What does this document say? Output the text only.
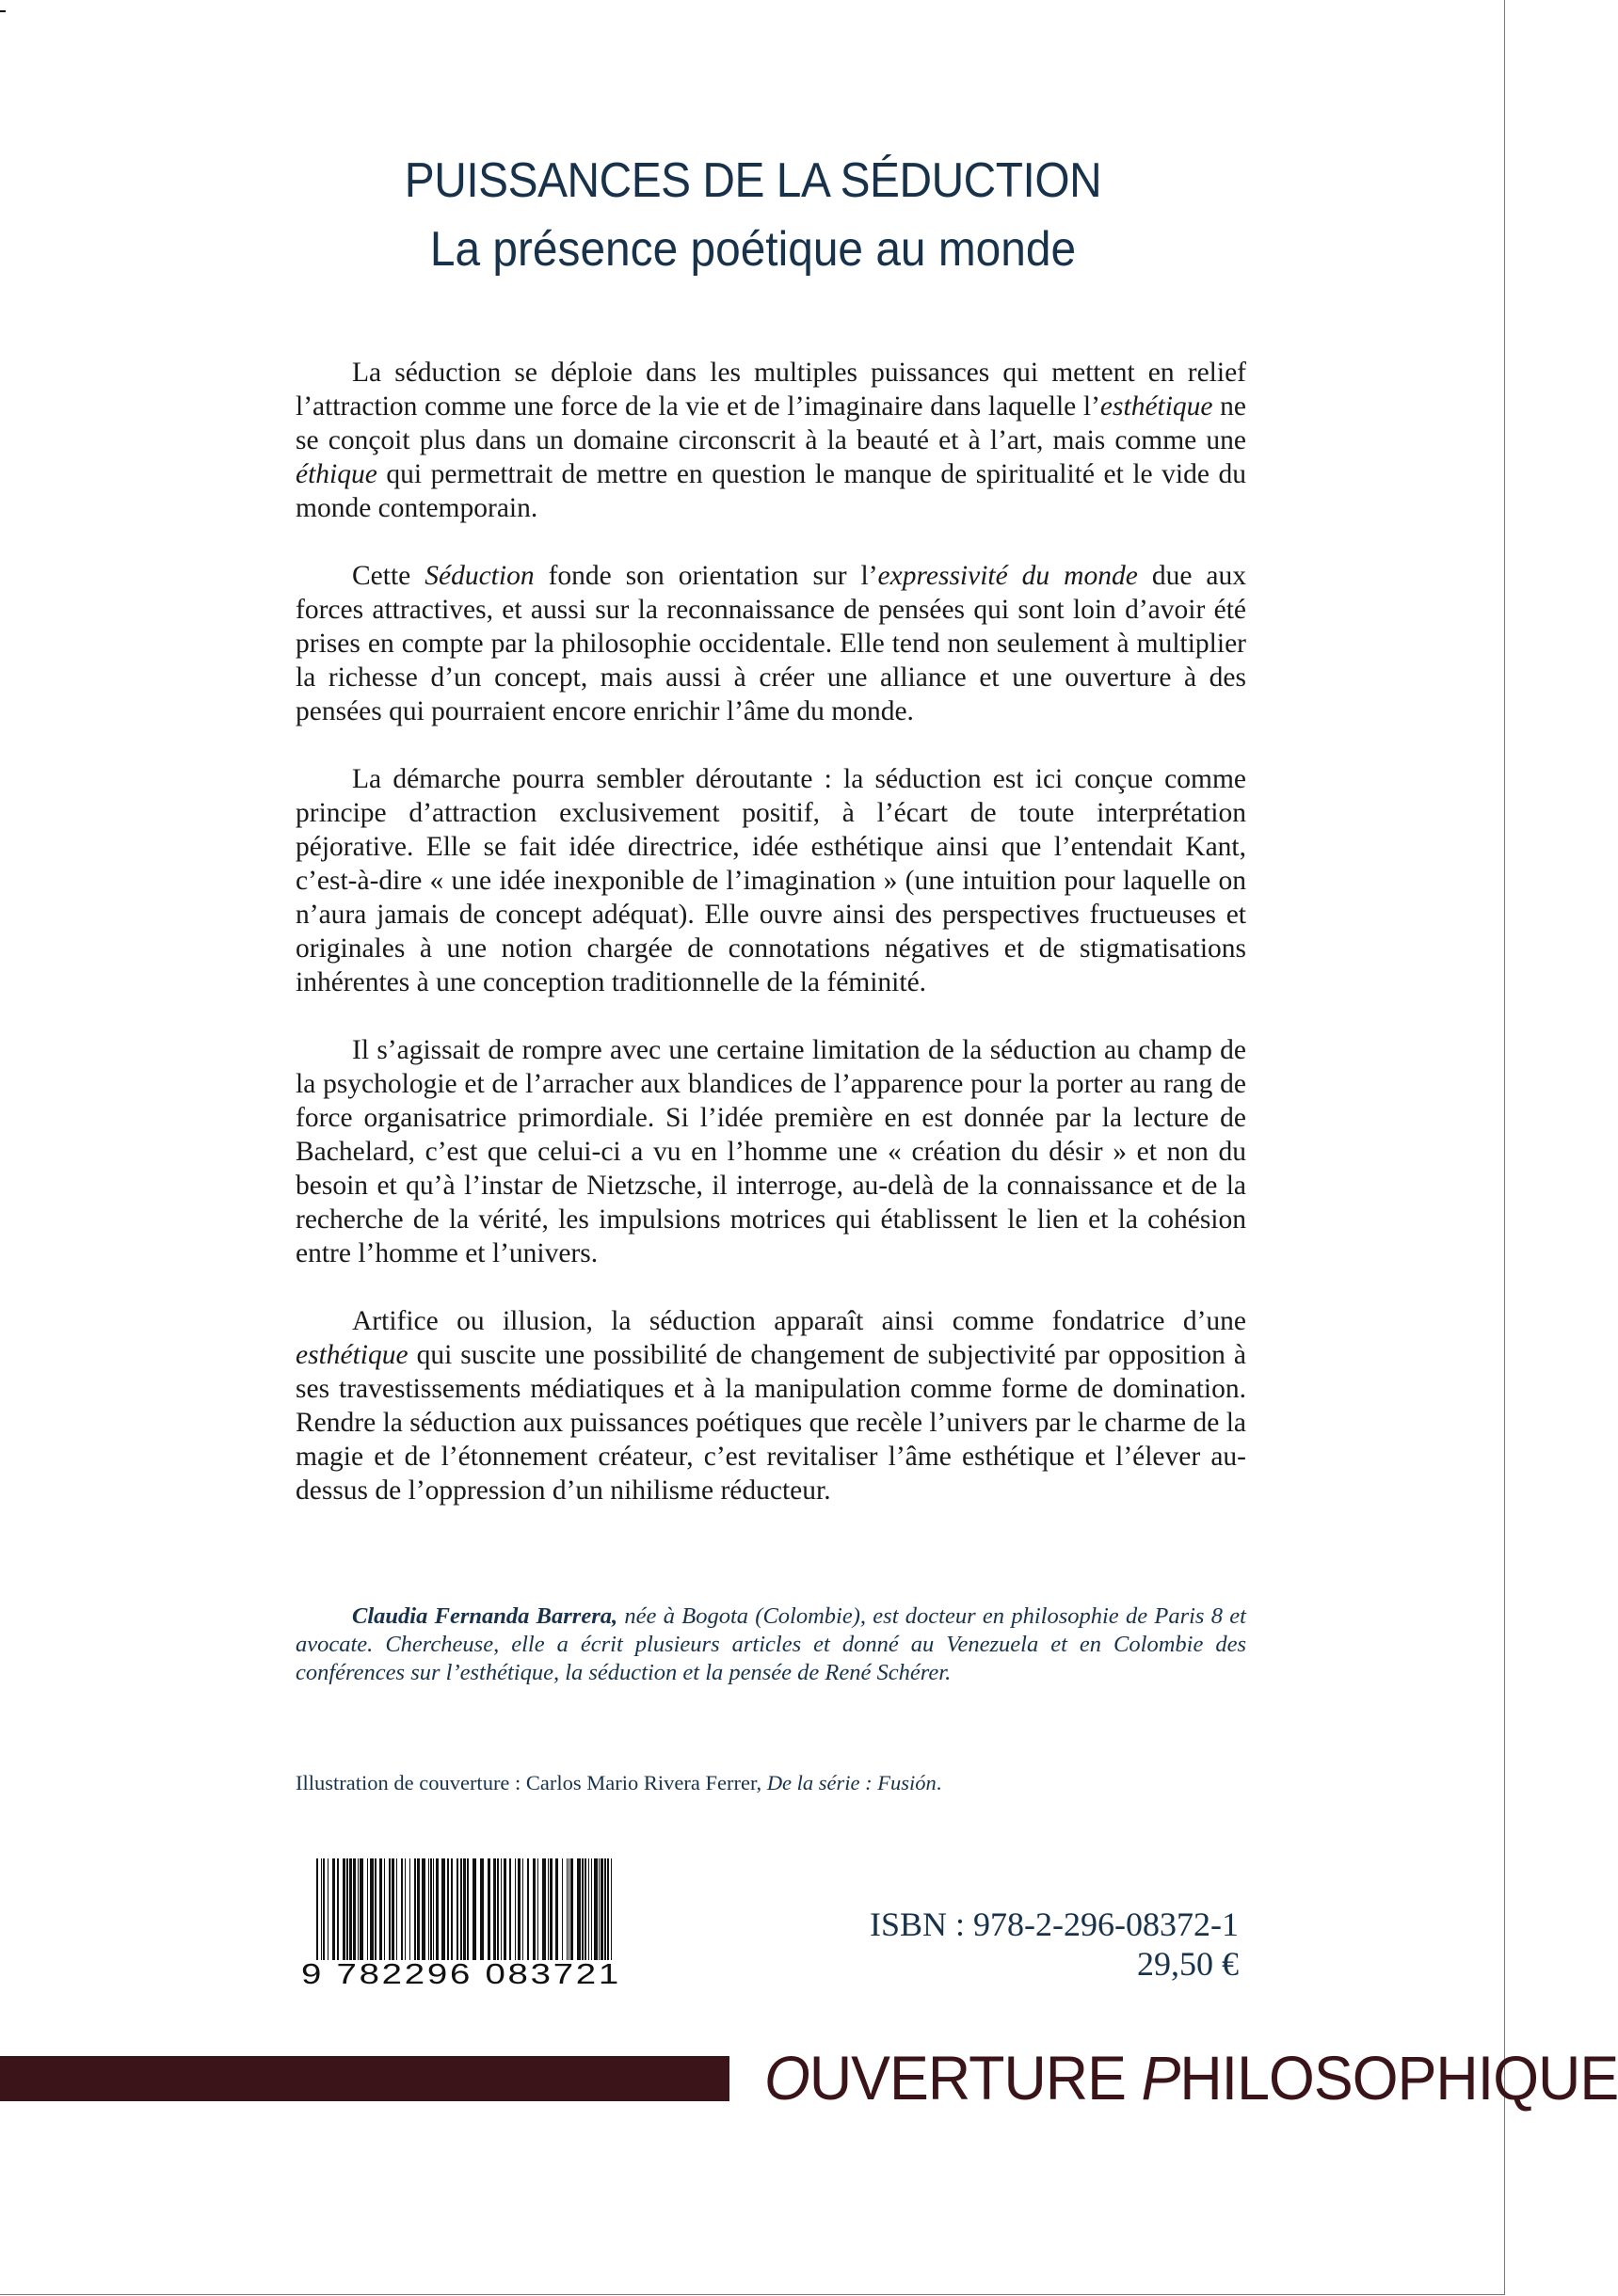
PUISSANCES DE LA SÉDUCTION
La présence poétique au monde

La séduction se déploie dans les multiples puissances qui mettent en relief l’attraction comme une force de la vie et de l’imaginaire dans laquelle l’esthétique ne se conçoit plus dans un domaine circonscrit à la beauté et à l’art, mais comme une éthique qui permettrait de mettre en question le manque de spiritualité et le vide du monde contemporain.

Cette Séduction fonde son orientation sur l’expressivité du monde due aux forces attractives, et aussi sur la reconnaissance de pensées qui sont loin d’avoir été prises en compte par la philosophie occidentale. Elle tend non seulement à multiplier la richesse d’un concept, mais aussi à créer une alliance et une ouverture à des pensées qui pourraient encore enrichir l’âme du monde.

La démarche pourra sembler déroutante : la séduction est ici conçue comme principe d’attraction exclusivement positif, à l’écart de toute interprétation péjorative. Elle se fait idée directrice, idée esthétique ainsi que l’entendait Kant, c’est-à-dire « une idée inexponible de l’imagination » (une intuition pour laquelle on n’aura jamais de concept adéquat). Elle ouvre ainsi des perspectives fructueuses et originales à une notion chargée de connotations négatives et de stigmatisations inhérentes à une conception traditionnelle de la féminité.

Il s’agissait de rompre avec une certaine limitation de la séduction au champ de la psychologie et de l’arracher aux blandices de l’apparence pour la porter au rang de force organisatrice primordiale. Si l’idée première en est donnée par la lecture de Bachelard, c’est que celui-ci a vu en l’homme une « création du désir » et non du besoin et qu’à l’instar de Nietzsche, il interroge, au-delà de la connaissance et de la recherche de la vérité, les impulsions motrices qui établissent le lien et la cohésion entre l’homme et l’univers.

Artifice ou illusion, la séduction apparaît ainsi comme fondatrice d’une esthétique qui suscite une possibilité de changement de subjectivité par opposition à ses travestissements médiatiques et à la manipulation comme forme de domination. Rendre la séduction aux puissances poétiques que recèle l’univers par le charme de la magie et de l’étonnement créateur, c’est revitaliser l’âme esthétique et l’élever au-dessus de l’oppression d’un nihilisme réducteur.

Claudia Fernanda Barrera, née à Bogota (Colombie), est docteur en philosophie de Paris 8 et avocate. Chercheuse, elle a écrit plusieurs articles et donné au Venezuela et en Colombie des conférences sur l’esthétique, la séduction et la pensée de René Schérer.
Illustration de couverture : Carlos Mario Rivera Ferrer, De la série : Fusión.
9 782296 083721
ISBN : 978-2-296-08372-1
29,50 €
OUVERTURE PHILOSOPHIQUE
